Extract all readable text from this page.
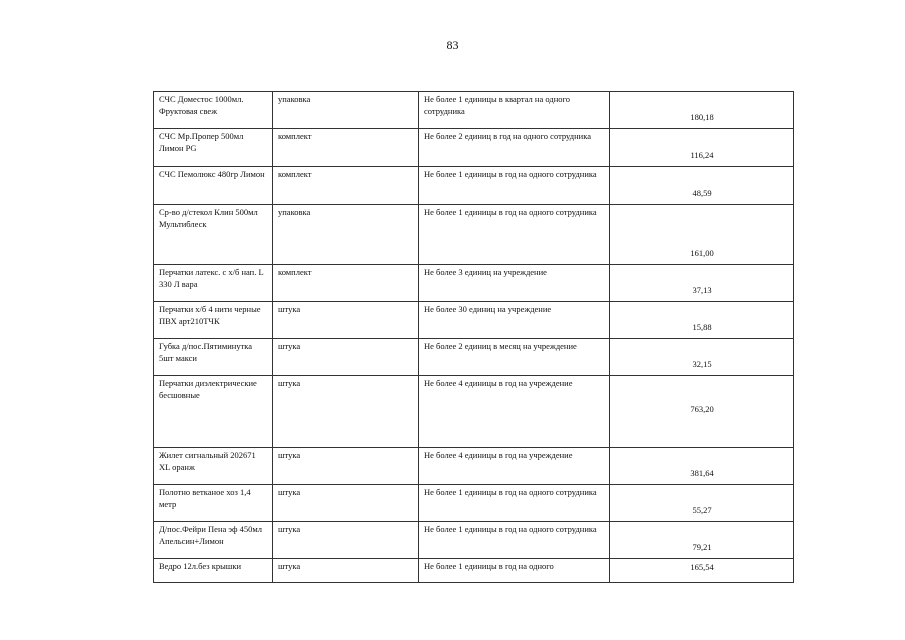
83
СЧС Доместос 1000мл. Фруктовая свеж	упаковка	Не более 1 единицы в квартал на одного сотрудника	180,18
СЧС Мр.Пропер 500мл Лимон PG	комплект	Не более 2 единиц в год на одного сотрудника	116,24
СЧС Пемолюкс 480гр Лимон	комплект	Не более 1 единицы в год на одного сотрудника	48,59
Ср-во д/стекол Клин 500мл Мультиблеск	упаковка	Не более 1 единицы в год на одного сотрудника	161,00
Перчатки латекс. с х/б нап. L 330 Л вара	комплект	Не более 3 единиц на учреждение	37,13
Перчатки х/б 4 нити черные ПВХ арт210ТЧК	штука	Не более 30 единиц на учреждение	15,88
Губка д/пос.Пятиминутка 5шт макси	штука	Не более 2 единиц в месяц на учреждение	32,15
Перчатки диэлектрические бесшовные	штука	Не более 4 единицы в год на учреждение	763,20
Жилет сигнальный 202671 XL оранж	штука	Не более 4 единицы в год на учреждение	381,64
Полотно ветканое хоз 1,4 метр	штука	Не более 1 единицы в год на одного сотрудника	55,27
Д/пос.Фейри Пена эф 450мл Апельсин+Лимон	штука	Не более 1 единицы в год на одного сотрудника	79,21
Ведро 12л.без крышки	штука	Не более 1 единицы в год на одного	165,54
